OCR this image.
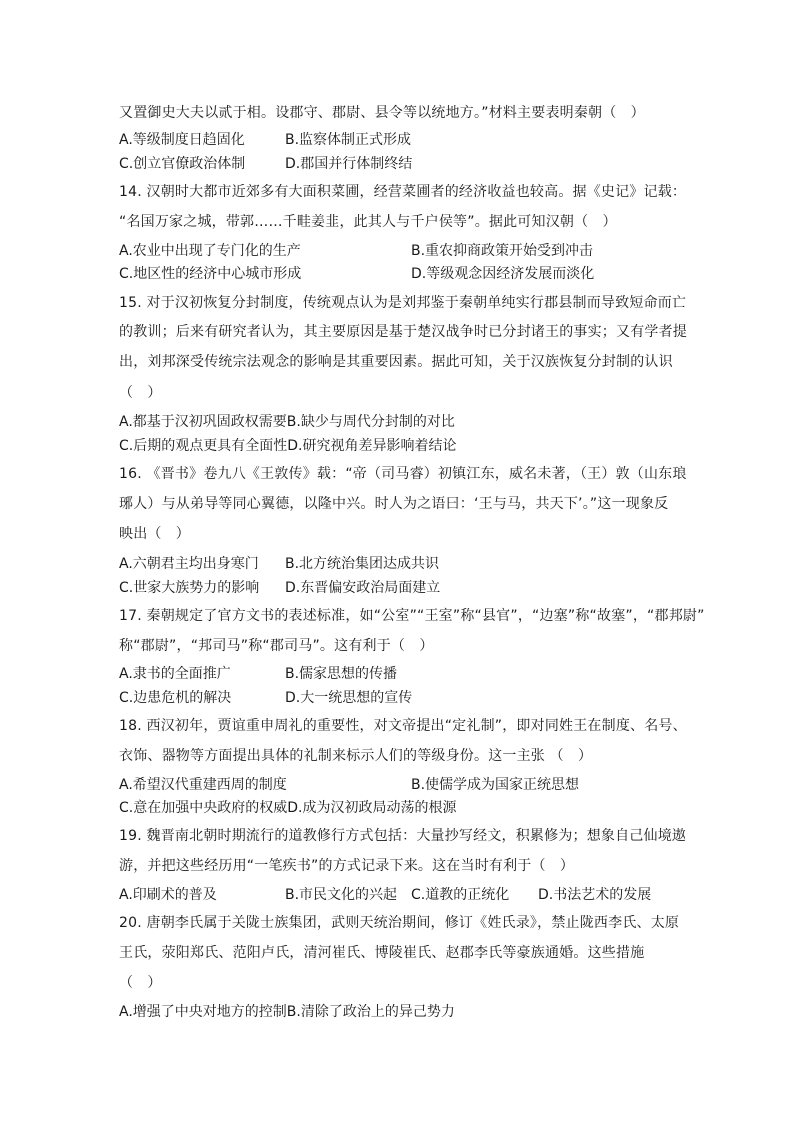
又置御史大夫以贰于相。设郡守、郡尉、县令等以统地方。”材料主要表明秦朝（　）
A.等级制度日趋固化	B.监察体制正式形成
C.创立官僚政治体制	D.郡国并行体制终结
14. 汉朝时大都市近郊多有大面积菜圃，经营菜圃者的经济收益也较高。据《史记》记载：
“名国万家之城，带郭……千畦姜韭，此其人与千户侯等”。据此可知汉朝（　）
A.农业中出现了专门化的生产	B.重农抑商政策开始受到冲击
C.地区性的经济中心城市形成	D.等级观念因经济发展而淡化
15. 对于汉初恢复分封制度，传统观点认为是刘邦鉴于秦朝单纯实行郡县制而导致短命而亡
的教训；后来有研究者认为，其主要原因是基于楚汉战争时已分封诸王的事实；又有学者提
出，刘邦深受传统宗法观念的影响是其重要因素。据此可知，关于汉族恢复分封制的认识
（　）
A.都基于汉初巩固政权需要B.缺少与周代分封制的对比
C.后期的观点更具有全面性D.研究视角差异影响着结论
16. 《晋书》卷九八《王敦传》载：“帝（司马睿）初镇江东，威名未著，（王）敦（山东琅
琊人）与从弟导等同心翼德，以隆中兴。时人为之语曰：‘王与马，共天下’。”这一现象反
映出（　）
A.六朝君主均出身寒门 B.北方统治集团达成共识
C.世家大族势力的影响 D.东晋偏安政治局面建立
17. 秦朝规定了官方文书的表述标准，如“公室”“王室”称“县官”，“边塞”称“故塞”，“郡邦尉”
称“郡尉”，“邦司马”称“郡司马”。这有利于（　）
A.隶书的全面推广	B.儒家思想的传播
C.边患危机的解决	D.大一统思想的宣传
18. 西汉初年，贾谊重申周礼的重要性，对文帝提出“定礼制”，即对同姓王在制度、名号、
衣饰、器物等方面提出具体的礼制来标示人们的等级身份。这一主张 （　）
A.希望汉代重建西周的制度	B.使儒学成为国家正统思想
C.意在加强中央政府的权威D.成为汉初政局动荡的根源
19. 魏晋南北朝时期流行的道教修行方式包括：大量抄写经文，积累修为；想象自己仙境遨
游，并把这些经历用“一笔疾书”的方式记录下来。这在当时有利于（　）
A.印刷术的普及	B.市民文化的兴起 C.道教的正统化 D.书法艺术的发展
20. 唐朝李氏属于关陇士族集团，武则天统治期间，修订《姓氏录》，禁止陇西李氏、太原
王氏，荥阳郑氏、范阳卢氏，清河崔氏、博陵崔氏、赵郡李氏等豪族通婚。这些措施
（　）
A.增强了中央对地方的控制B.清除了政治上的异己势力
